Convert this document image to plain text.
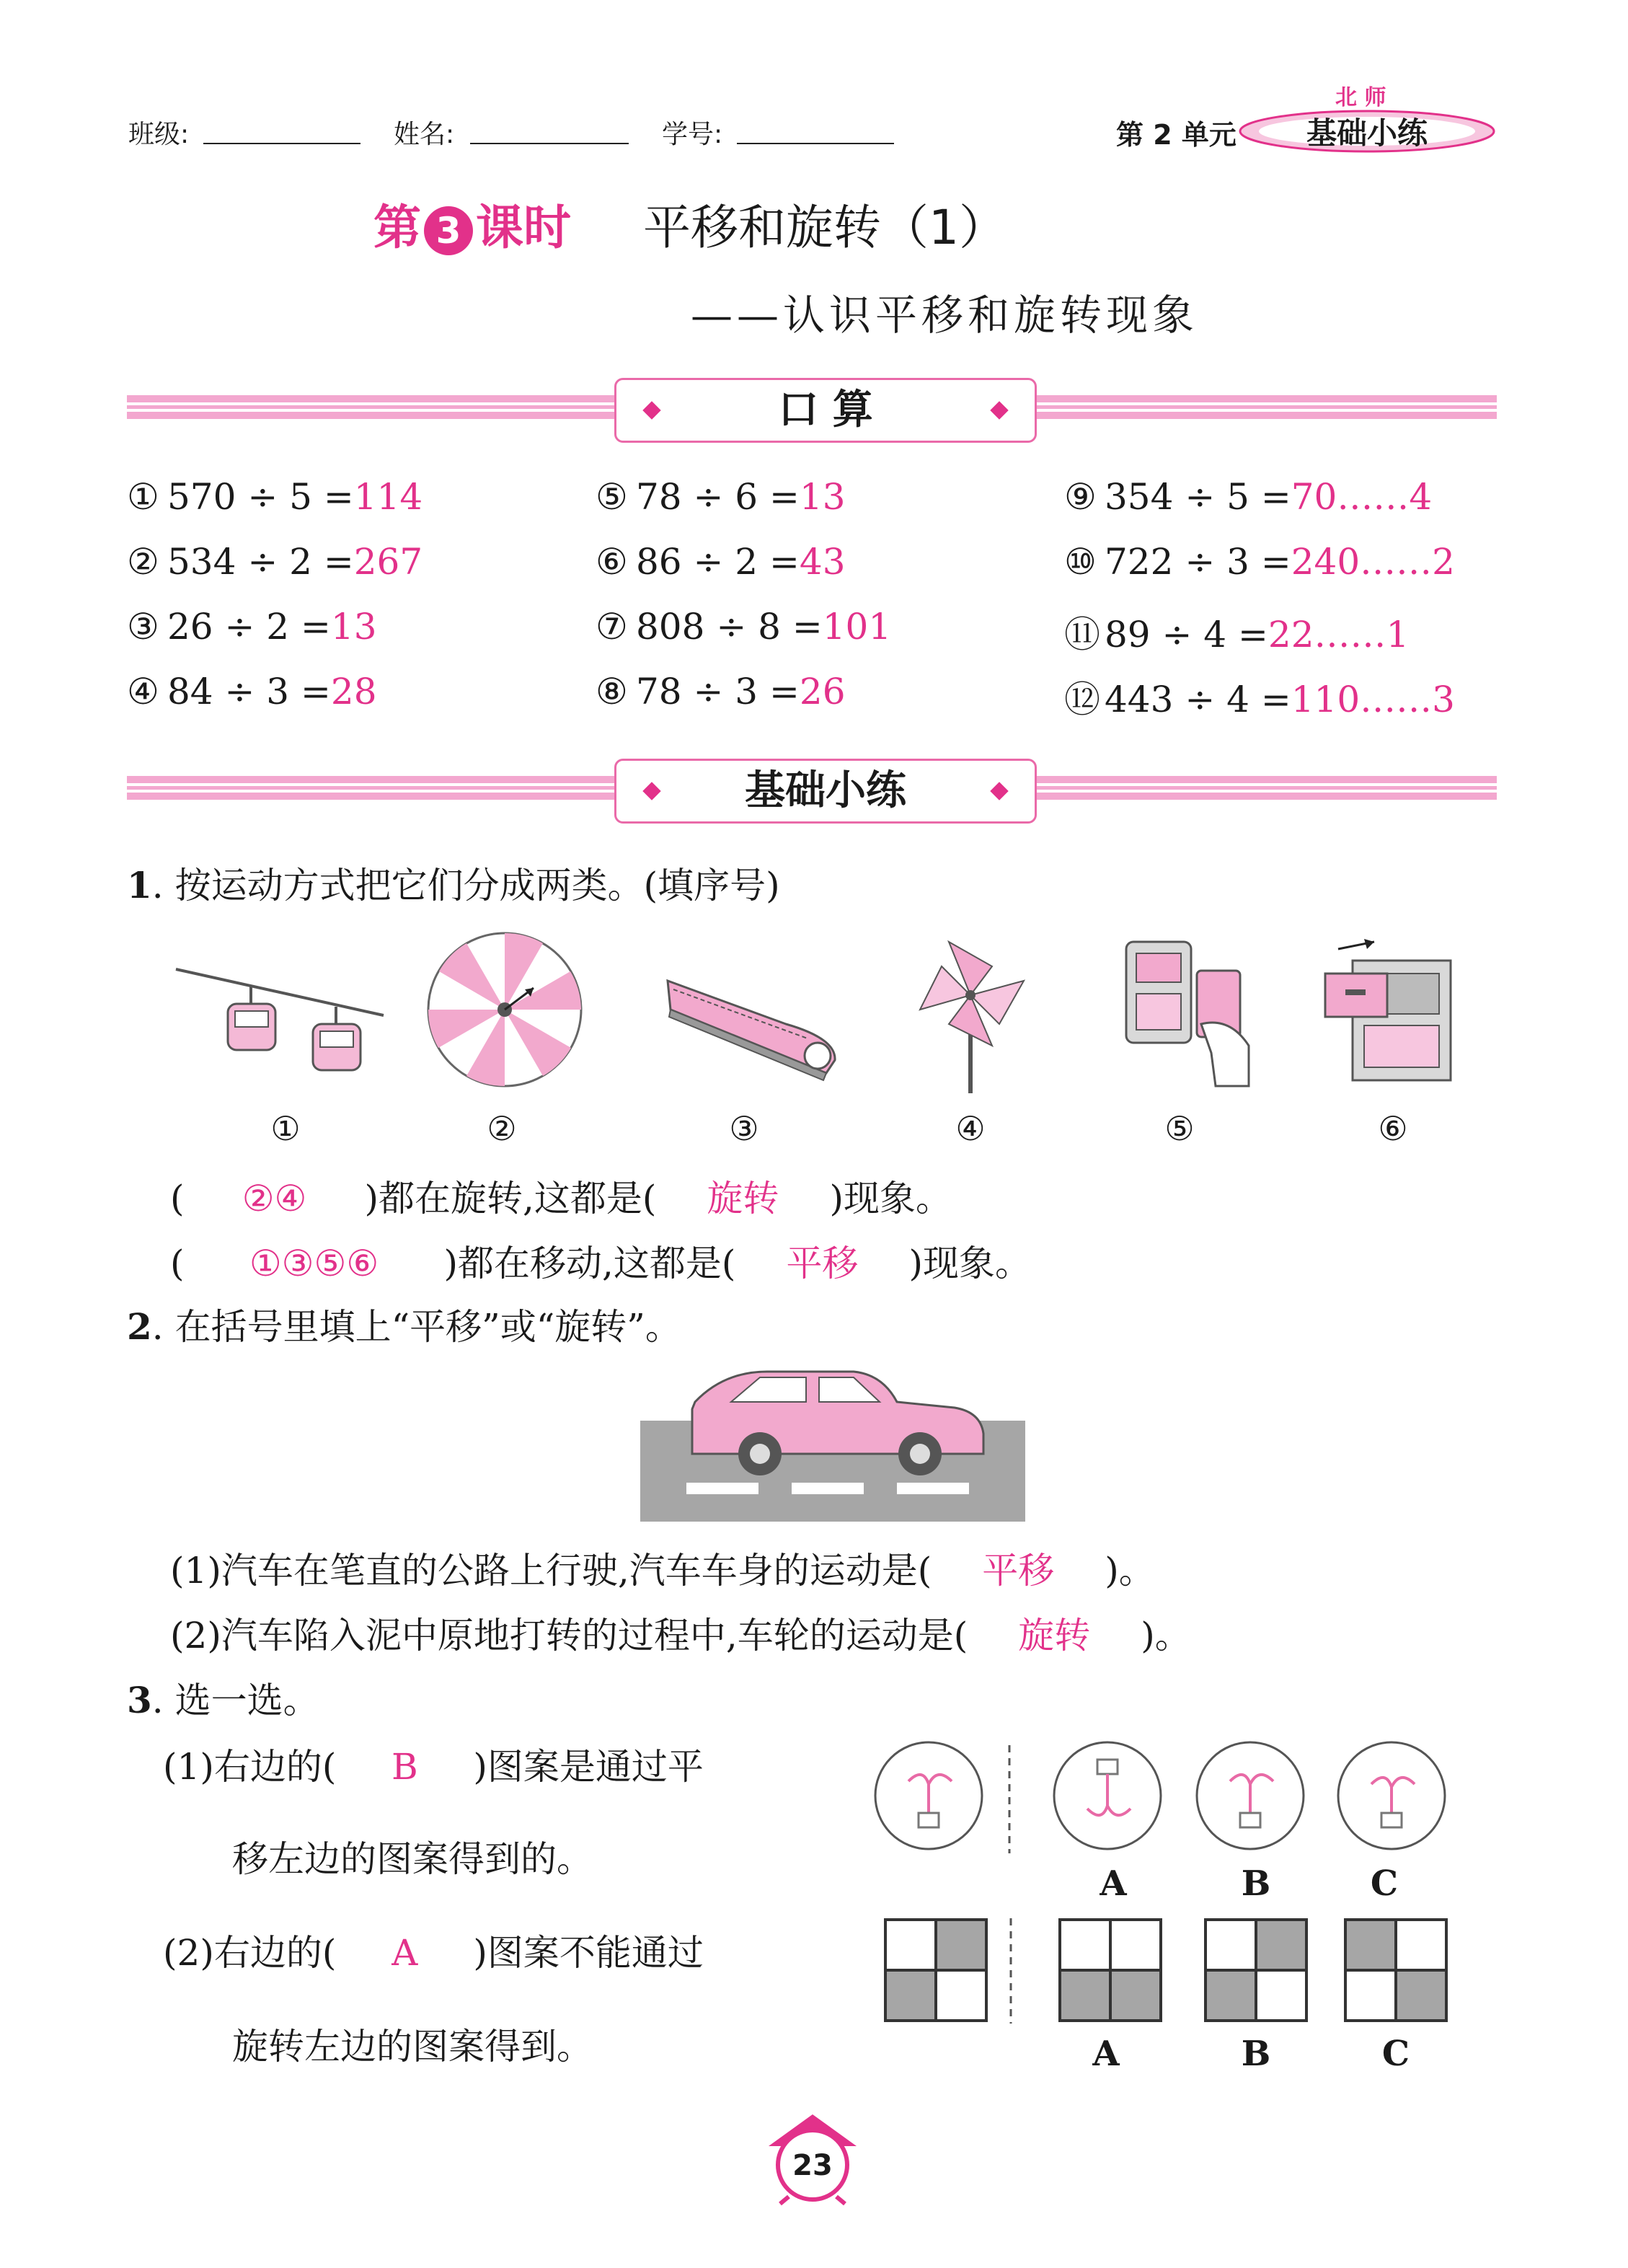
班级:	姓名:	学号:	第 2 单元
北 师
基础小练
第 3 课时 平移和旋转（1）
——认识平移和旋转现象
口 算
① 570 ÷ 5 =114
② 534 ÷ 2 =267
③ 26 ÷ 2 =13
④ 84 ÷ 3 =28
⑤ 78 ÷ 6 =13
⑥ 86 ÷ 2 =43
⑦ 808 ÷ 8 =101
⑧ 78 ÷ 3 =26
⑨ 354 ÷ 5 =70……4
⑩ 722 ÷ 3 =240……2
⑪ 89 ÷ 4 =22……1
⑫ 443 ÷ 4 =110……3
基础小练
1. 按运动方式把它们分成两类。(填序号)
①	②	③	④	⑤	⑥
( ②④ )都在旋转,这都是( 旋转 )现象。
( ①③⑤⑥ )都在移动,这都是( 平移 )现象。
2. 在括号里填上“平移”或“旋转”。
(1)汽车在笔直的公路上行驶,汽车车身的运动是( 平移 )。
(2)汽车陷入泥中原地打转的过程中,车轮的运动是( 旋转 )。
3. 选一选。
(1)右边的( B )图案是通过平
移左边的图案得到的。
(2)右边的( A )图案不能通过
旋转左边的图案得到。
A	B	C
A	B	C
23
